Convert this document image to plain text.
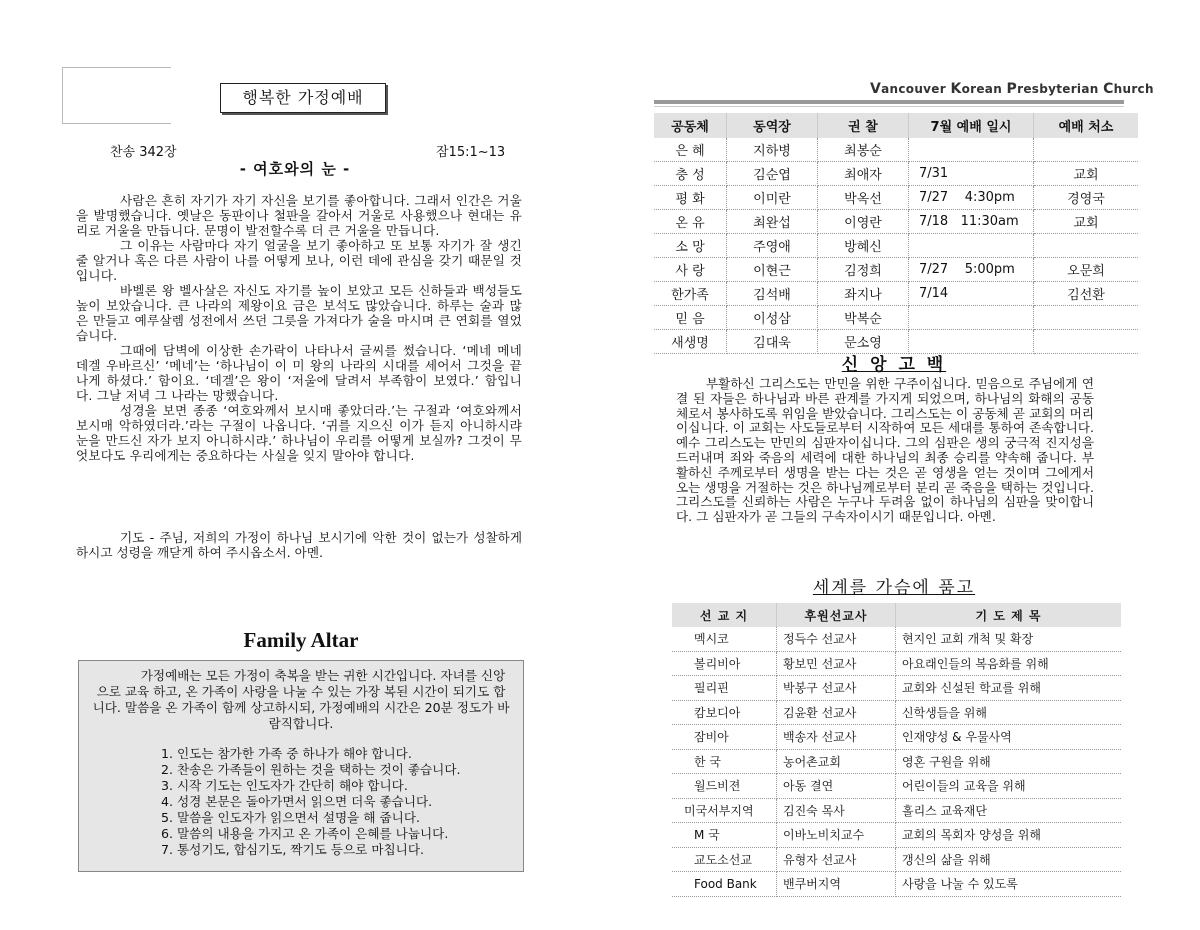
행복한 가정예배
찬송 342장	잠15:1~13
- 여호와의 눈 -

사람은 흔히 자기가 자기 자신을 보기를 좋아합니다. 그래서 인간은 거울을 발명했습니다. 옛날은 동판이나 철판을 갈아서 거울로 사용했으나 현대는 유리로 거울을 만듭니다. 문명이 발전할수록 더 큰 거울을 만듭니다.

그 이유는 사람마다 자기 얼굴을 보기 좋아하고 또 보통 자기가 잘 생긴 줄 알거나 혹은 다른 사람이 나를 어떻게 보나, 이런 데에 관심을 갖기 때문일 것입니다.

바벨론 왕 벨사살은 자신도 자기를 높이 보았고 모든 신하들과 백성들도 높이 보았습니다. 큰 나라의 제왕이요 금은 보석도 많았습니다. 하루는 술과 많은 만들고 예루살렘 성전에서 쓰던 그릇을 가져다가 술을 마시며 큰 연회를 열었습니다.

그때에 담벽에 이상한 손가락이 나타나서 글씨를 썼습니다. ‘메네 메네 데겔 우바르신’ ‘메네’는 ‘하나님이 이 미 왕의 나라의 시대를 세어서 그것을 끝나게 하셨다.’ 함이요. ‘데겔’은 왕이 ‘저울에 달려서 부족함이 보였다.’ 함입니다. 그날 저녁 그 나라는 망했습니다.

성경을 보면 종종 ‘여호와께서 보시매 좋았더라.’는 구절과 ‘여호와께서 보시매 악하였더라.’라는 구절이 나옵니다. ‘귀를 지으신 이가 듣지 아니하시랴 눈을 만드신 자가 보지 아니하시랴.’ 하나님이 우리를 어떻게 보실까? 그것이 무엇보다도 우리에게는 중요하다는 사실을 잊지 말아야 합니다.

기도 - 주님, 저희의 가정이 하나님 보시기에 악한 것이 없는가 성찰하게 하시고 성령을 깨닫게 하여 주시옵소서. 아멘.

Family Altar

가정예배는 모든 가정이 축복을 받는 귀한 시간입니다. 자녀를 신앙으로 교육 하고, 온 가족이 사랑을 나눌 수 있는 가장 복된 시간이 되기도 합니다. 말씀을 온 가족이 함께 상고하시되, 가정예배의 시간은 20분 정도가 바람직합니다.

1. 인도는 참가한 가족 중 하나가 해야 합니다.
2. 찬송은 가족들이 원하는 것을 택하는 것이 좋습니다.
3. 시작 기도는 인도자가 간단히 해야 합니다.
4. 성경 본문은 돌아가면서 읽으면 더욱 좋습니다.
5. 말씀을 인도자가 읽으면서 설명을 해 줍니다.
6. 말씀의 내용을 가지고 온 가족이 은혜를 나눕니다.
7. 통성기도, 합심기도, 짝기도 등으로 마칩니다.
Vancouver Korean Presbyterian Church
공동체	동역장	권 찰	7월 예배 일시	예배 처소
은 혜	지하병	최봉순		
충 성	김순엽	최애자	7/31	교회
평 화	이미란	박옥선	7/27    4:30pm	경영국
온 유	최완섭	이영란	7/18   11:30am	교회
소 망	주영애	방혜신		
사 랑	이현근	김정희	7/27    5:00pm	오문희
한가족	김석배	좌지나	7/14	김선환
믿 음	이성삼	박복순		
새생명	김대욱	문소영		
신 앙 고 백

부활하신 그리스도는 만민을 위한 구주이십니다. 믿음으로 주님에게 연결 된 자들은 하나님과 바른 관계를 가지게 되었으며, 하나님의 화해의 공동체로서 봉사하도록 위임을 받았습니다. 그리스도는 이 공동체 곧 교회의 머리이십니다. 이 교회는 사도들로부터 시작하여 모든 세대를 통하여 존속합니다. 예수 그리스도는 만민의 심판자이십니다. 그의 심판은 생의 궁극적 진지성을 드러내며 죄와 죽음의 세력에 대한 하나님의 최종 승리를 약속해 줍니다. 부활하신 주께로부터 생명을 받는 다는 것은 곧 영생을 얻는 것이며 그에게서 오는 생명을 거절하는 것은 하나님께로부터 분리 곧 죽음을 택하는 것입니다. 그리스도를 신뢰하는 사람은 누구나 두려움 없이 하나님의 심판을 맞이합니다. 그 심판자가 곧 그들의 구속자이시기 때문입니다. 아멘.

세계를 가슴에 품고
선 교 지	후원선교사	기 도 제 목
멕시코	정득수 선교사	현지인 교회 개척 및 확장
볼리비아	황보민 선교사	아요래인들의 복음화를 위해
필리핀	박봉구 선교사	교회와 신설된 학교를 위해
캄보디아	김윤환 선교사	신학생들을 위해
잠비아	백송자 선교사	인재양성 & 우물사역
한 국	농어촌교회	영혼 구원을 위해
월드비젼	아동 결연	어린이들의 교육을 위해
미국서부지역	김진숙 목사	홀리스 교육재단
M 국	이바노비치교수	교회의 목회자 양성을 위해
교도소선교	유형자 선교사	갱신의 삶을 위해
Food Bank	밴쿠버지역	사랑을 나눌 수 있도록
